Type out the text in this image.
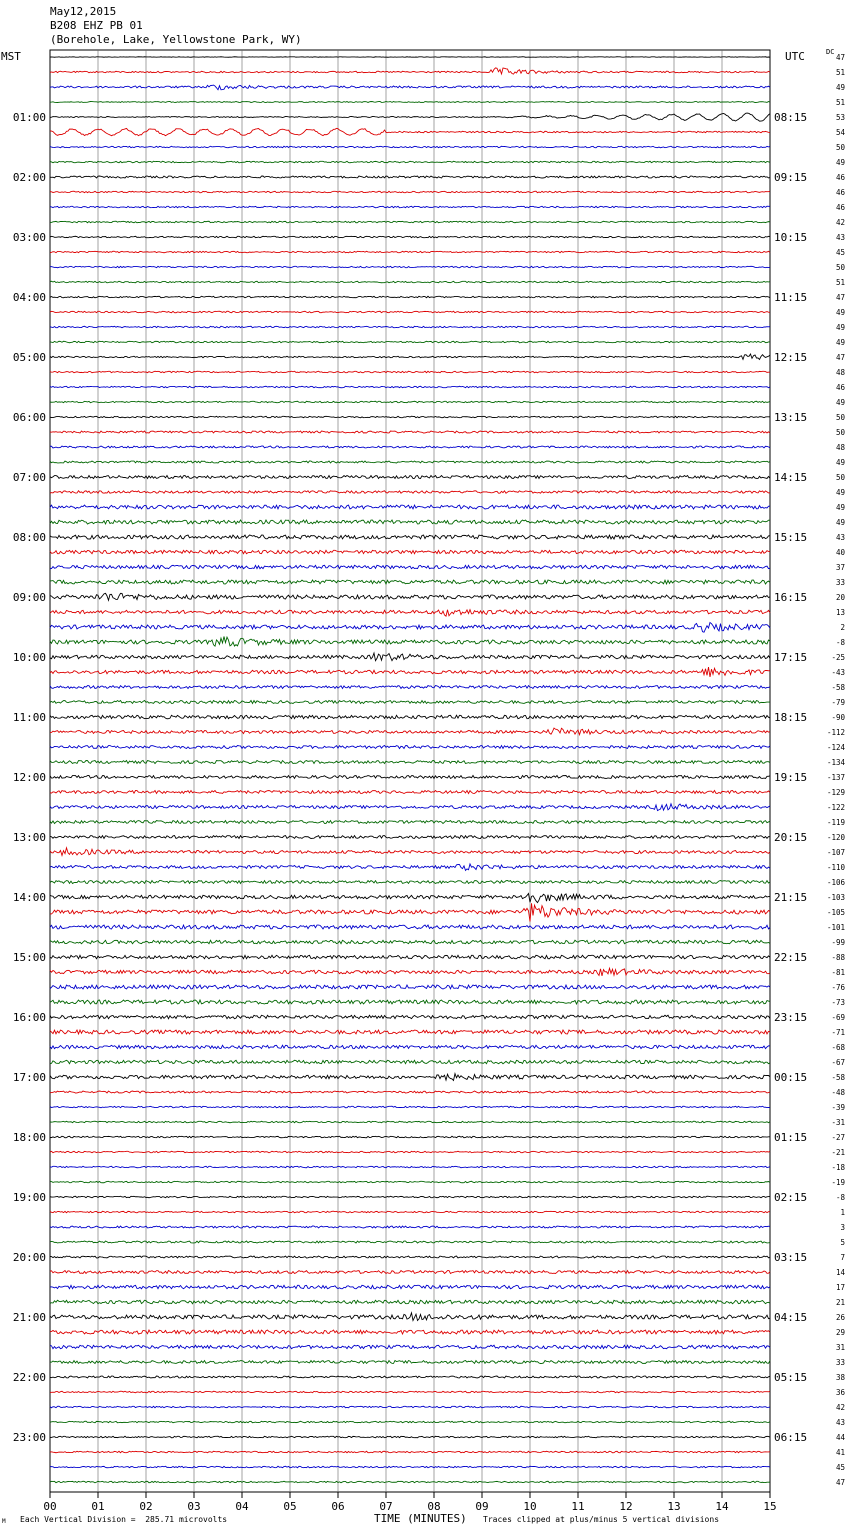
May12,2015
B208 EHZ PB 01
(Borehole, Lake, Yellowstone Park, WY)
MST	UTC	DC
01:00	08:15
02:00	09:15
03:00	10:15
04:00	11:15
05:00	12:15
06:00	13:15
07:00	14:15
08:00	15:15
09:00	16:15
10:00	17:15
11:00	18:15
12:00	19:15
13:00	20:15
14:00	21:15
15:00	22:15
16:00	23:15
17:00	00:15
18:00	01:15
19:00	02:15
20:00	03:15
21:00	04:15
22:00	05:15
23:00	06:15
47
51
49
51
53
54
50
49
46
46
46
42
43
45
50
51
47
49
49
49
47
48
46
49
50
50
48
49
50
49
49
49
43
40
37
33
20
13
2
-8
-25
-43
-58
-79
-90
-112
-124
-134
-137
-129
-122
-119
-120
-107
-110
-106
-103
-105
-101
-99
-88
-81
-76
-73
-69
-71
-68
-67
-58
-48
-39
-31
-27
-21
-18
-19
-8
1
3
5
7
14
17
21
26
29
31
33
38
36
42
43
44
41
45
47
00	01	02	03	04	05	06	07	08	09	10	11	12	13	14	15
TIME (MINUTES)
M Each Vertical Division =  285.71 microvolts	Traces clipped at plus/minus 5 vertical divisions
